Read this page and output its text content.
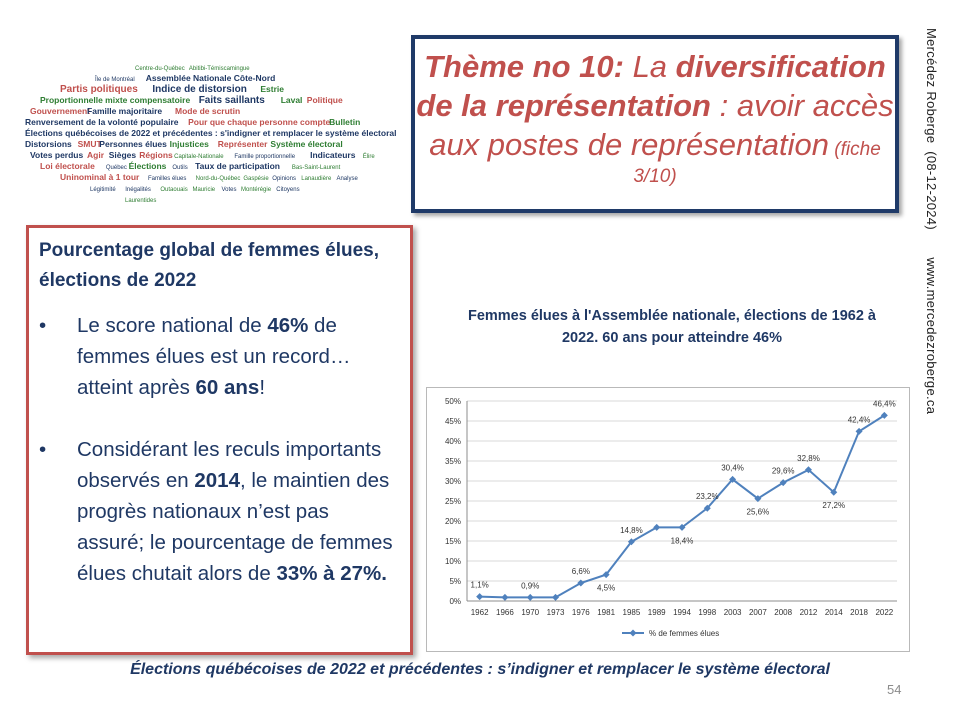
Centre-du-Québec Abitibi-Témiscamingue
Île de Montréal Assemblée Nationale Côte-Nord
Partis politiques Indice de distorsion Estrie
Proportionnelle mixte compensatoire Faits saillants Laval Politique
Gouvernement
Famille majoritaire Mode de scrutin
Renversement de la volonté populaire Pour que chaque personne compte
Bulletin
Élections québécoises de 2022 et précédentes : s'indigner et remplacer le système électoral
Distorsions SMUT
Personnes élues Injustices Représenter Système électoral
Votes perdus Agir Sièges Régions Capitale-Nationale Famille proportionnelle Indicateurs Élire
Loi électorale Québec Élections Outils Taux de participation Bas-Saint-Laurent
Uninominal à 1 tour Familles élues Nord-du-Québec Gaspésie Opinions Lanaudière Analyse
Légitimité Inégalités Outaouais Mauricie Votes Montérégie Citoyens
Laurentides
Thème no 10: La diversification
de la représentation : avoir accès
aux postes de représentation (fiche
3/10)
Mercédez Roberge  (08-12-2024)       www.mercedezroberge.ca
Pourcentage global de femmes élues, élections de 2022
• Le score national de 46% de femmes élues est un record… atteint après 60 ans!
• Considérant les reculs importants observés en 2014, le maintien des progrès nationaux n’est pas assuré; le pourcentage de femmes élues chutait alors de 33% à 27%.
Femmes élues à l'Assemblée nationale, élections de 1962 à 2022. 60 ans pour atteindre 46%
0%
5%
10%
15%
20%
25%
30%
35%
40%
45%
50%
1962 1966 1970 1973 1976 1981 1985 1989 1994 1998 2003 2007 2008 2012 2014 2018 2022
1,1%	0,9%
6,6%
4,5%
14,8%
18,4%
23,2%
30,4%
25,6%
29,6%
32,8%
27,2%
42,4%
46,4%
% de femmes élues
Élections québécoises de 2022 et précédentes : s’indigner et remplacer le système électoral
54
